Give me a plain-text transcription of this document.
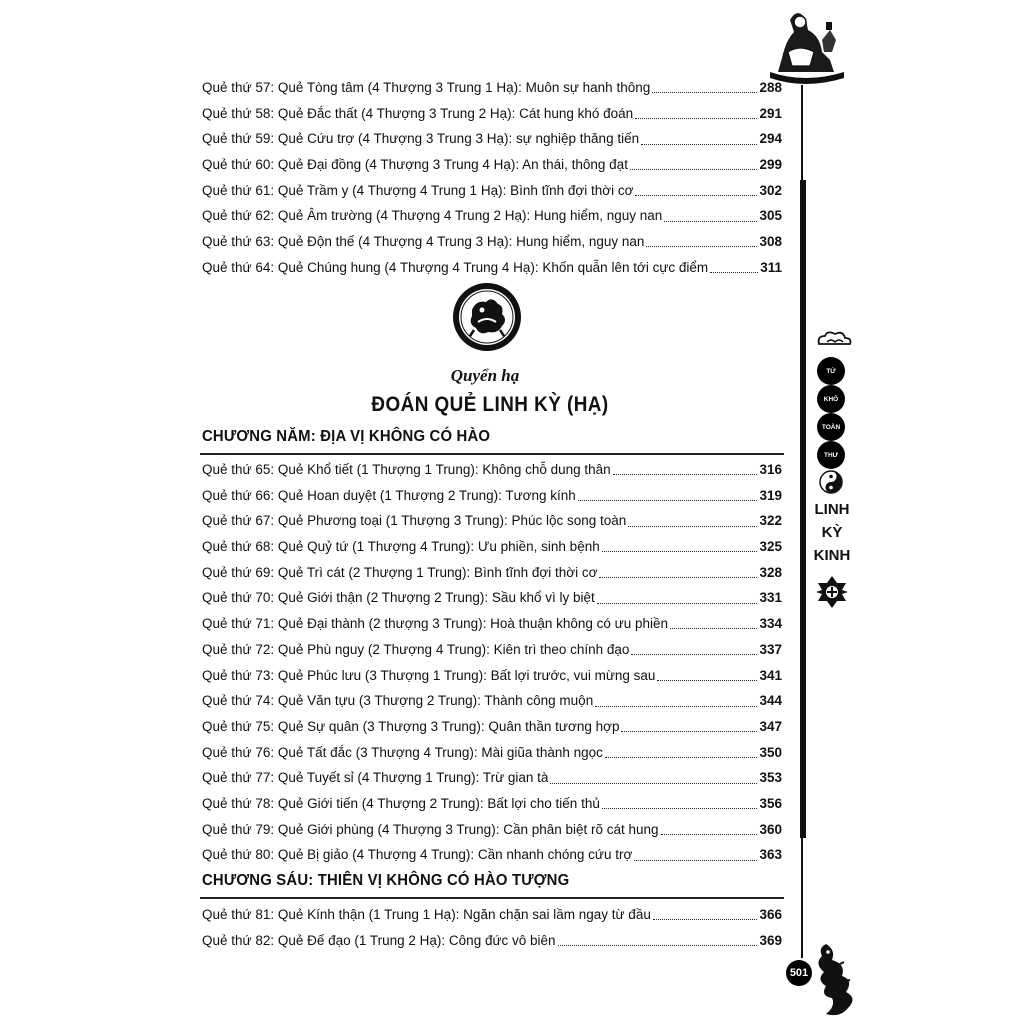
Quẻ thứ 57: Quẻ Tòng tâm (4 Thượng 3 Trung 1 Hạ): Muôn sự hanh thông	288
Quẻ thứ 58: Quẻ Đắc thất (4 Thượng 3 Trung 2 Hạ): Cát hung khó đoán	291
Quẻ thứ 59: Quẻ Cứu trợ (4 Thượng 3 Trung 3 Hạ): sự nghiệp thăng tiến	294
Quẻ thứ 60: Quẻ Đại đồng (4 Thượng 3 Trung 4 Hạ): An thái, thông đạt	299
Quẻ thứ 61: Quẻ Trầm y (4 Thượng 4 Trung 1 Hạ): Bình tĩnh đợi thời cơ	302
Quẻ thứ 62: Quẻ Âm trường (4 Thượng 4 Trung 2 Hạ): Hung hiểm, nguy nan	305
Quẻ thứ 63: Quẻ Độn thế (4 Thượng 4 Trung 3 Hạ): Hung hiểm, nguy nan	308
Quẻ thứ 64: Quẻ Chúng hung (4 Thượng 4 Trung 4 Hạ): Khốn quẫn lên tới cực điểm	311
Quyển hạ
ĐOÁN QUẺ LINH KỲ (HẠ)
CHƯƠNG NĂM: ĐỊA VỊ KHÔNG CÓ HÀO
Quẻ thứ 65: Quẻ Khổ tiết (1 Thượng 1 Trung): Không chỗ dung thân	316
Quẻ thứ 66: Quẻ Hoan duyệt (1 Thượng 2 Trung): Tương kính	319
Quẻ thứ 67: Quẻ Phương toại (1 Thượng 3 Trung): Phúc lộc song toàn	322
Quẻ thứ 68: Quẻ Quỷ tứ (1 Thượng 4 Trung): Ưu phiền, sinh bệnh	325
Quẻ thứ 69: Quẻ Trì cát (2 Thượng 1 Trung): Bình tĩnh đợi thời cơ	328
Quẻ thứ 70: Quẻ Giới thận (2 Thượng 2 Trung): Sầu khổ vì ly biệt	331
Quẻ thứ 71: Quẻ Đại thành (2 thượng 3 Trung): Hoà thuận không có ưu phiền	334
Quẻ thứ 72: Quẻ Phù nguy (2 Thượng 4 Trung): Kiên trì theo chính đạo	337
Quẻ thứ 73: Quẻ Phúc lưu (3 Thượng 1 Trung): Bất lợi trước, vui mừng sau	341
Quẻ thứ 74: Quẻ Văn tựu (3 Thượng 2 Trung): Thành công muộn	344
Quẻ thứ 75: Quẻ Sự quân (3 Thượng 3 Trung): Quân thần tương hợp	347
Quẻ thứ 76: Quẻ Tất đắc (3 Thượng 4 Trung): Mài giũa thành ngọc	350
Quẻ thứ 77: Quẻ Tuyết sỉ (4 Thượng 1 Trung): Trừ gian tà	353
Quẻ thứ 78: Quẻ Giới tiến (4 Thượng 2 Trung): Bất lợi cho tiến thủ	356
Quẻ thứ 79: Quẻ Giới phùng (4 Thượng 3 Trung): Cần phân biệt rõ cát hung	360
Quẻ thứ 80: Quẻ Bị giảo (4 Thượng 4 Trung): Cần nhanh chóng cứu trợ	363
CHƯƠNG SÁU: THIÊN VỊ KHÔNG CÓ HÀO TƯỢNG
Quẻ thứ 81: Quẻ Kính thận (1 Trung 1 Hạ): Ngăn chặn sai lầm ngay từ đầu	366
Quẻ thứ 82: Quẻ Đế đạo (1 Trung 2 Hạ): Công đức vô biên	369
TỨ
KHỐ
TOÀN
THƯ
LINH
KỲ
KINH
501
